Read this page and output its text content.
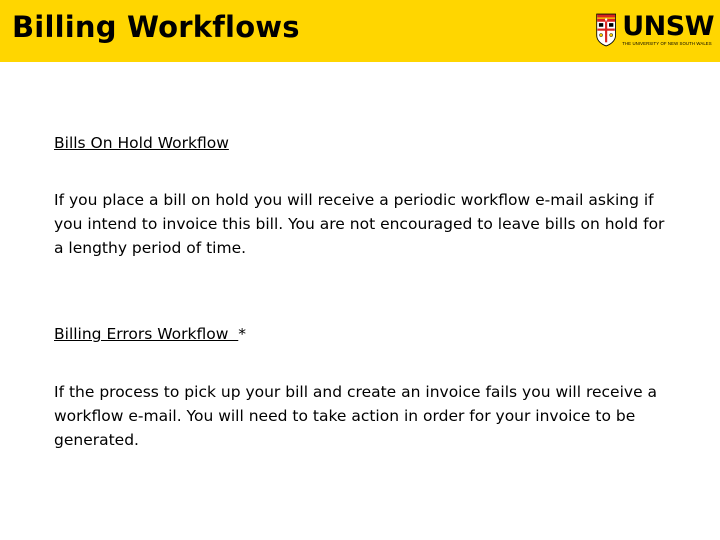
Billing Workflows	UNSW
THE UNIVERSITY OF NEW SOUTH WALES
Bills On Hold Workflow

If you place a bill on hold you will receive a periodic workflow e-mail asking if you intend to invoice this bill. You are not encouraged to leave bills on hold for a lengthy period of time.

Billing Errors Workflow  *

If the process to pick up your bill and create an invoice fails you will receive a workflow e-mail. You will need to take action in order for your invoice to be generated.
